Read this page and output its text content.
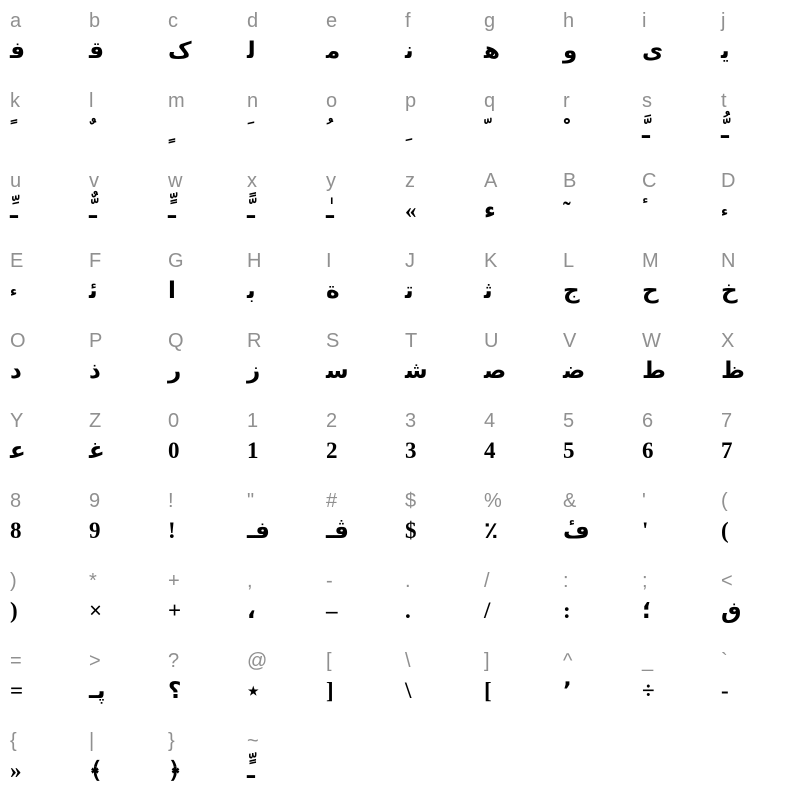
a
ﻓ
b
ﻗ
c
ک
d
ﻟ
e
ﻣ
f
ﻧ
g
ﻫ
h
و
i
ى
j
ﻳ
k
ﹰ
l
ﹲ
m
ﹴ
n
ﹶ
o
ﹸ
p
ﹺ
q
ﹼ
r
ﹾ
s
ـَّ
t
ـُّ
u
ـِّ
v
ـٌّ
w
ـٍّ
x
ـًّ
y
ـٰ
z
«
A
ء
B
˜
C
ٴ
D
ء
E
ء
F
ﺋ
G
ا
H
ﺑ
I
ة
J
ﺗ
K
ﺛ
L
ج
M
ح
N
خ
O
د
P
ذ
Q
ر
R
ز
S
ﺳ
T
ﺷ
U
ﺻ
V
ﺿ
W
ط
X
ظ
Y
ﻋ
Z
ﻏ
0
0
1
1
2
2
3
3
4
4
5
5
6
6
7
7
8
8
9
9
!
!
"
ڧـ
#
ڨـ
$
$
%
٪
&
ڡٔ
'
'
(
(
)
)
*
×
+
+
,
،
-
–
.
.
/
/
:
:
;
؛
<
ڧ
=
=
>
پـ
?
؟
@
٭
[
]
\
\
]
[
^
٬
_
÷
`
-
{
»
|
﴾
}
﴿
~
ـٍّ
